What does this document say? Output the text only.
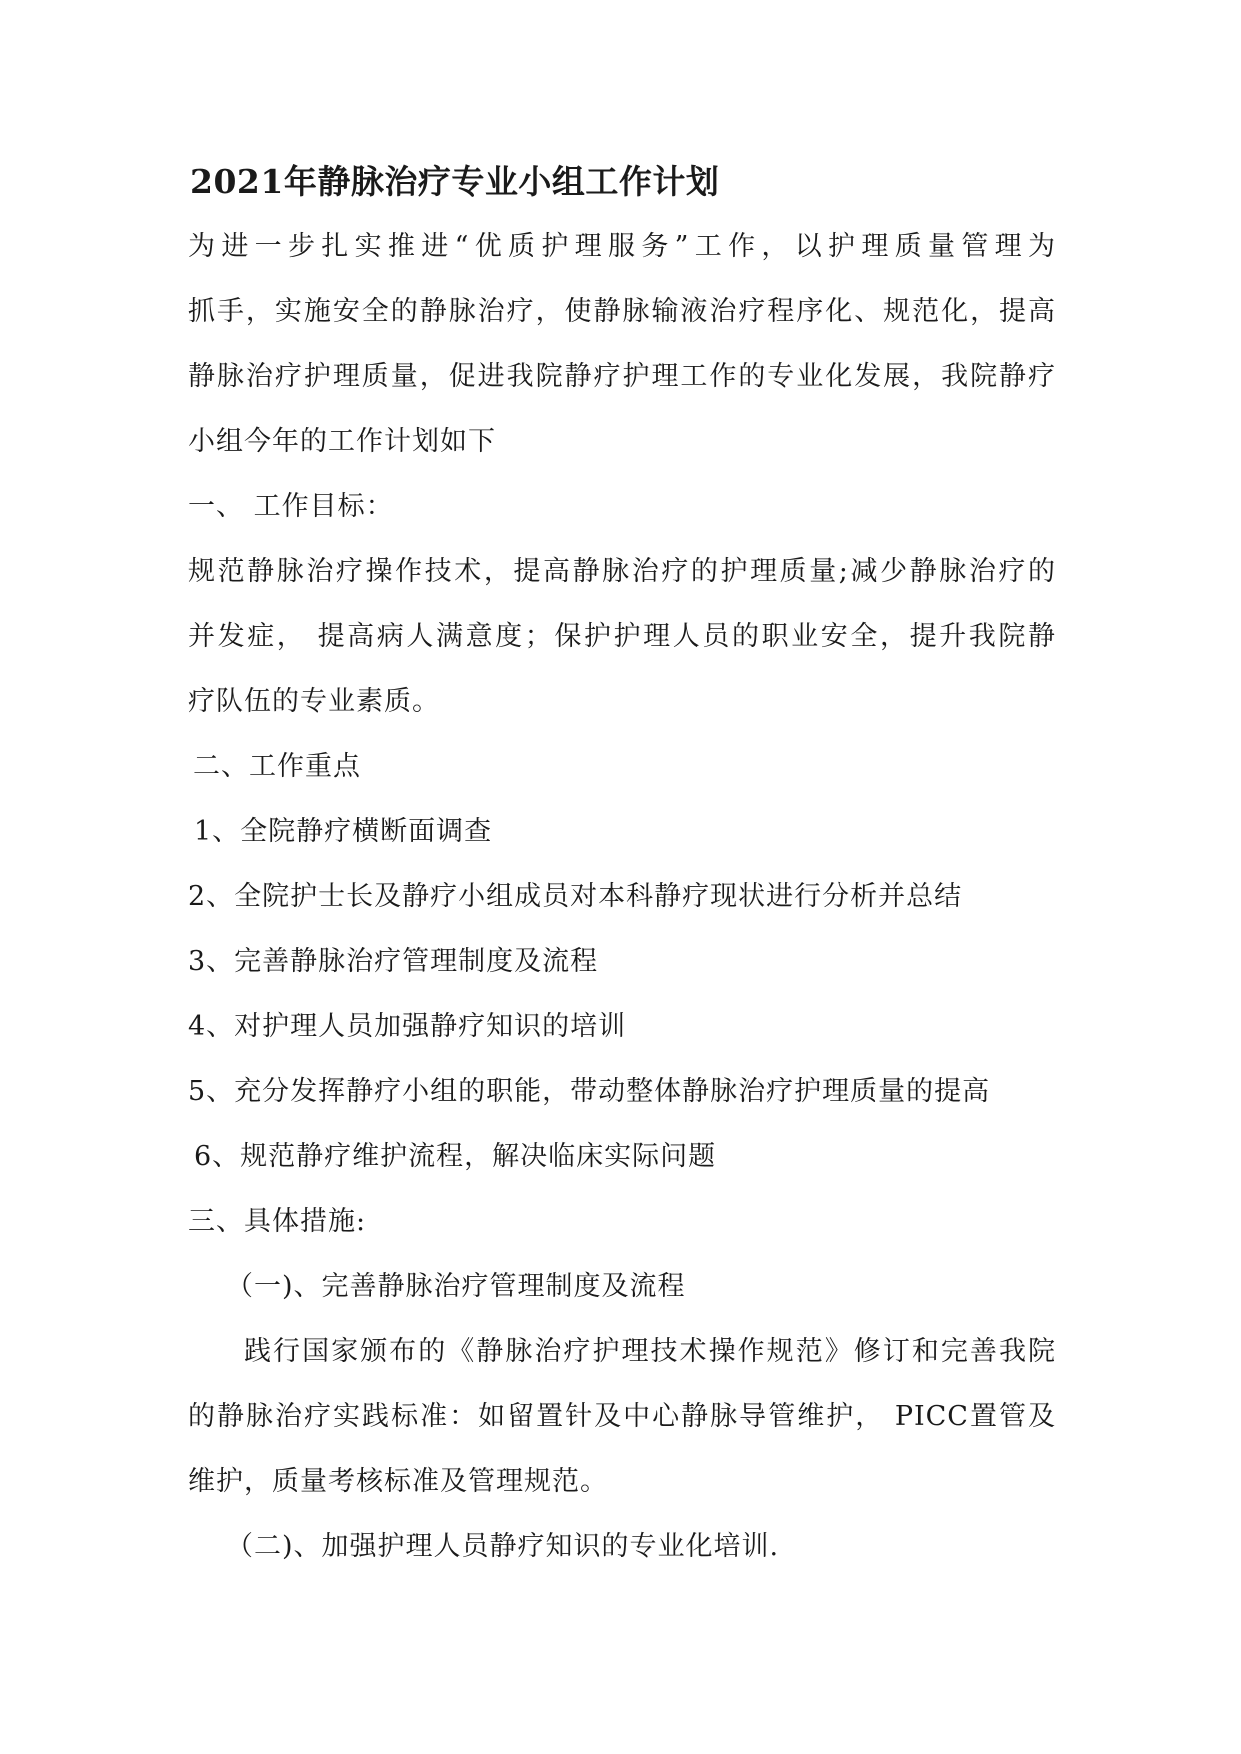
2021年静脉治疗专业小组工作计划
为进一步扎实推进“优质护理服务”工作，以护理质量管理为
抓手，实施安全的静脉治疗，使静脉输液治疗程序化、规范化，提高
静脉治疗护理质量，促进我院静疗护理工作的专业化发展，我院静疗
小组今年的工作计划如下
一、 工作目标：
规范静脉治疗操作技术，提高静脉治疗的护理质量;减少静脉治疗的
并发症， 提高病人满意度；保护护理人员的职业安全，提升我院静
疗队伍的专业素质。
二、工作重点
1、全院静疗横断面调查
2、全院护士长及静疗小组成员对本科静疗现状进行分析并总结
3、完善静脉治疗管理制度及流程
4、对护理人员加强静疗知识的培训
5、充分发挥静疗小组的职能，带动整体静脉治疗护理质量的提高
6、规范静疗维护流程，解决临床实际问题
三、具体措施:
（一)、完善静脉治疗管理制度及流程
践行国家颁布的《静脉治疗护理技术操作规范》修订和完善我院
的静脉治疗实践标准：如留置针及中心静脉导管维护， PICC置管及
维护，质量考核标准及管理规范。
（二)、加强护理人员静疗知识的专业化培训.
